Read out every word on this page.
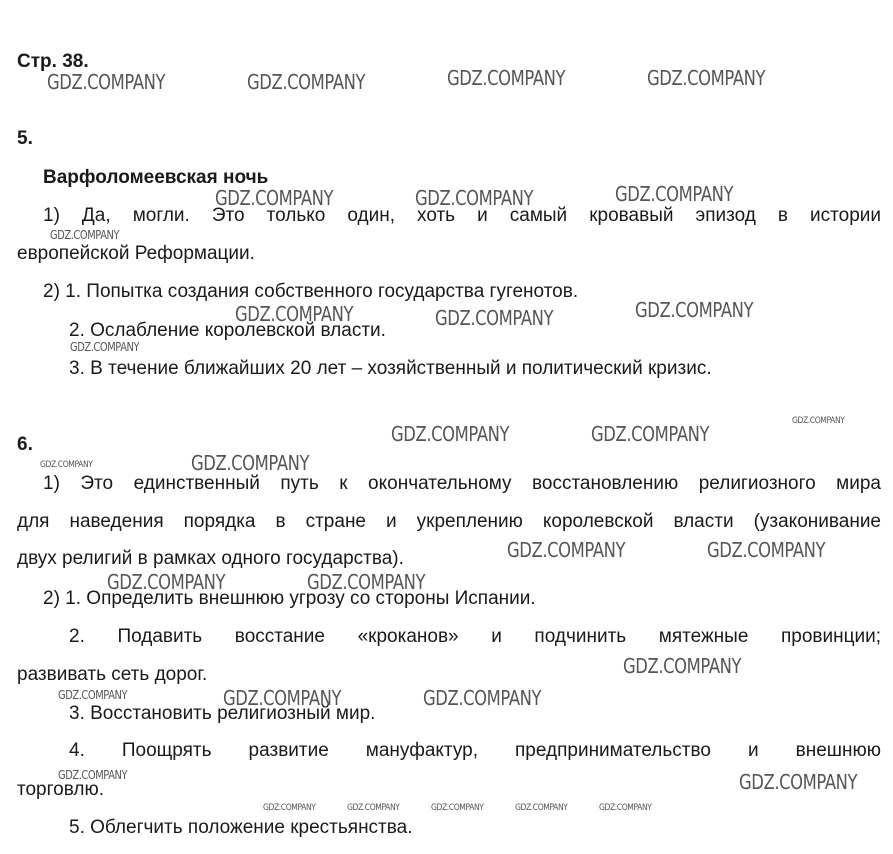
GDZ.COMPANY	GDZ.COMPANY	GDZ.COMPANY	GDZ.COMPANY
GDZ.COMPANY	GDZ.COMPANY	GDZ.COMPANY
GDZ.COMPANY
GDZ.COMPANY	GDZ.COMPANY	GDZ.COMPANY
GDZ.COMPANY
GDZ.COMPANY
GDZ.COMPANY	GDZ.COMPANY
GDZ.COMPANY	GDZ.COMPANY
GDZ.COMPANY	GDZ.COMPANY
GDZ.COMPANY	GDZ.COMPANY
GDZ.COMPANY
GDZ.COMPANY	GDZ.COMPANY	GDZ.COMPANY
GDZ.COMPANY	GDZ.COMPANY
GDZ.COMPANY	GDZ.COMPANY	GDZ.COMPANY	GDZ.COMPANY	GDZ.COMPANY
Стр. 38.
5.
Варфоломеевская ночь
1) Да, могли. Это только один, хоть и самый кровавый эпизод в истории
европейской Реформации.
2) 1. Попытка создания собственного государства гугенотов.
2. Ослабление королевской власти.
3. В течение ближайших 20 лет – хозяйственный и политический кризис.
6.
1) Это единственный путь к окончательному восстановлению религиозного мира
для наведения порядка в стране и укреплению королевской власти (узаконивание
двух религий в рамках одного государства).
2) 1. Определить внешнюю угрозу со стороны Испании.
2. Подавить восстание «кроканов» и подчинить мятежные провинции;
развивать сеть дорог.
3. Восстановить религиозный мир.
4. Поощрять развитие мануфактур, предпринимательство и внешнюю
торговлю.
5. Облегчить положение крестьянства.
